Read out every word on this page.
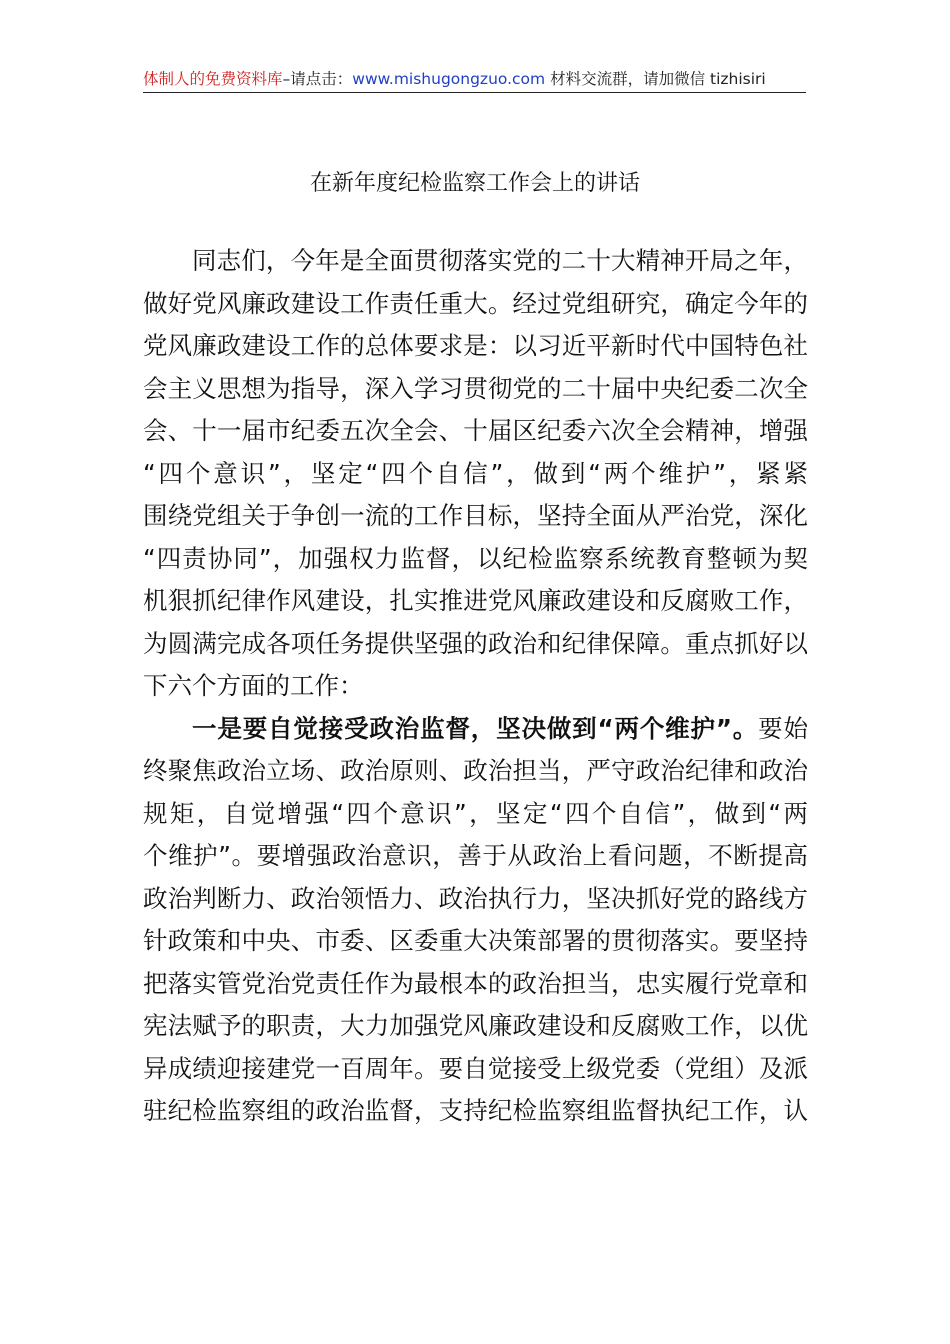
体制人的免费资料库–请点击：www.mishugongzuo.com 材料交流群，请加微信 tizhisiri
在新年度纪检监察工作会上的讲话
同志们，今年是全面贯彻落实党的二十大精神开局之年，
做好党风廉政建设工作责任重大。经过党组研究，确定今年的
党风廉政建设工作的总体要求是：以习近平新时代中国特色社
会主义思想为指导，深入学习贯彻党的二十届中央纪委二次全
会、十一届市纪委五次全会、十届区纪委六次全会精神，增强
“四个意识”，坚定“四个自信”，做到“两个维护”，紧紧
围绕党组关于争创一流的工作目标，坚持全面从严治党，深化
“四责协同”，加强权力监督，以纪检监察系统教育整顿为契
机狠抓纪律作风建设，扎实推进党风廉政建设和反腐败工作，
为圆满完成各项任务提供坚强的政治和纪律保障。重点抓好以
下六个方面的工作：
一是要自觉接受政治监督，坚决做到“两个维护”。要始
终聚焦政治立场、政治原则、政治担当，严守政治纪律和政治
规矩，自觉增强“四个意识”，坚定“四个自信”，做到“两
个维护”。要增强政治意识，善于从政治上看问题，不断提高
政治判断力、政治领悟力、政治执行力，坚决抓好党的路线方
针政策和中央、市委、区委重大决策部署的贯彻落实。要坚持
把落实管党治党责任作为最根本的政治担当，忠实履行党章和
宪法赋予的职责，大力加强党风廉政建设和反腐败工作，以优
异成绩迎接建党一百周年。要自觉接受上级党委（党组）及派
驻纪检监察组的政治监督，支持纪检监察组监督执纪工作，认
